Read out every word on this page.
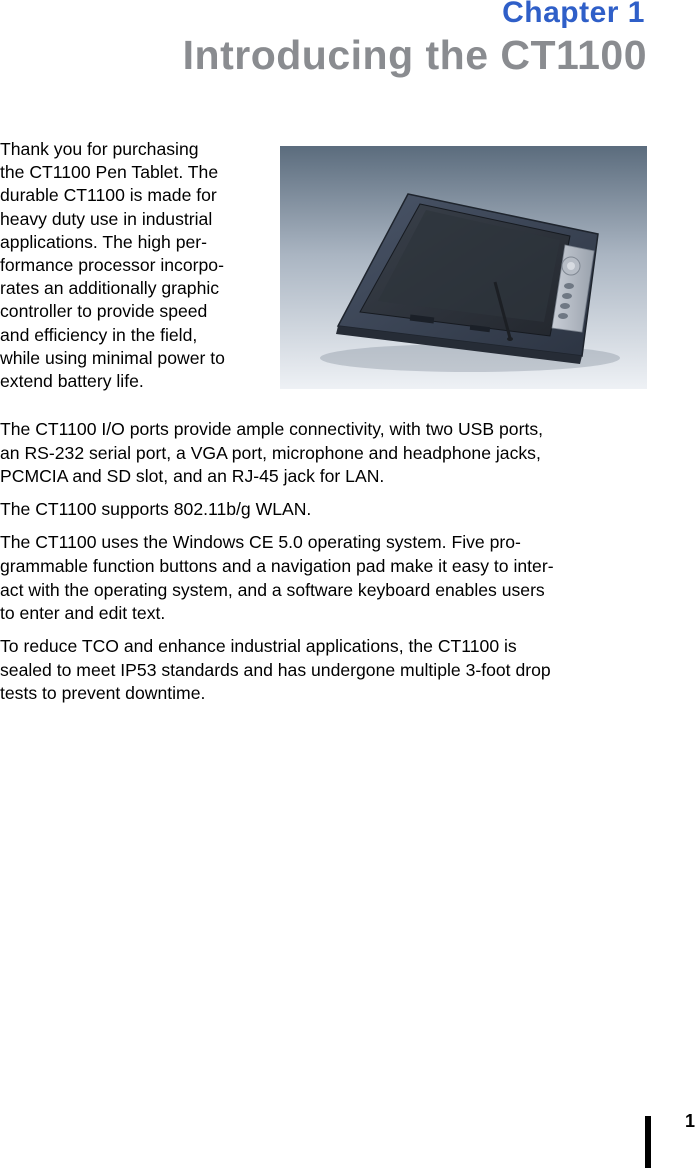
Chapter 1
Introducing the CT1100
Thank you for purchasing
the CT1100 Pen Tablet. The
durable CT1100 is made for
heavy duty use in industrial
applications. The high per-
formance processor incorpo-
rates an additionally graphic
controller to provide speed
and efficiency in the field,
while using minimal power to
extend battery life.

The CT1100 I/O ports provide ample connectivity, with two USB ports,
an RS-232 serial port, a VGA port, microphone and headphone jacks,
PCMCIA and SD slot, and an RJ-45 jack for LAN.

The CT1100 supports 802.11b/g WLAN.

The CT1100 uses the Windows CE 5.0 operating system. Five pro-
grammable function buttons and a navigation pad make it easy to inter-
act with the operating system, and a software keyboard enables users
to enter and edit text.

To reduce TCO and enhance industrial applications, the CT1100 is
sealed to meet IP53 standards and has undergone multiple 3-foot drop
tests to prevent downtime.

1
